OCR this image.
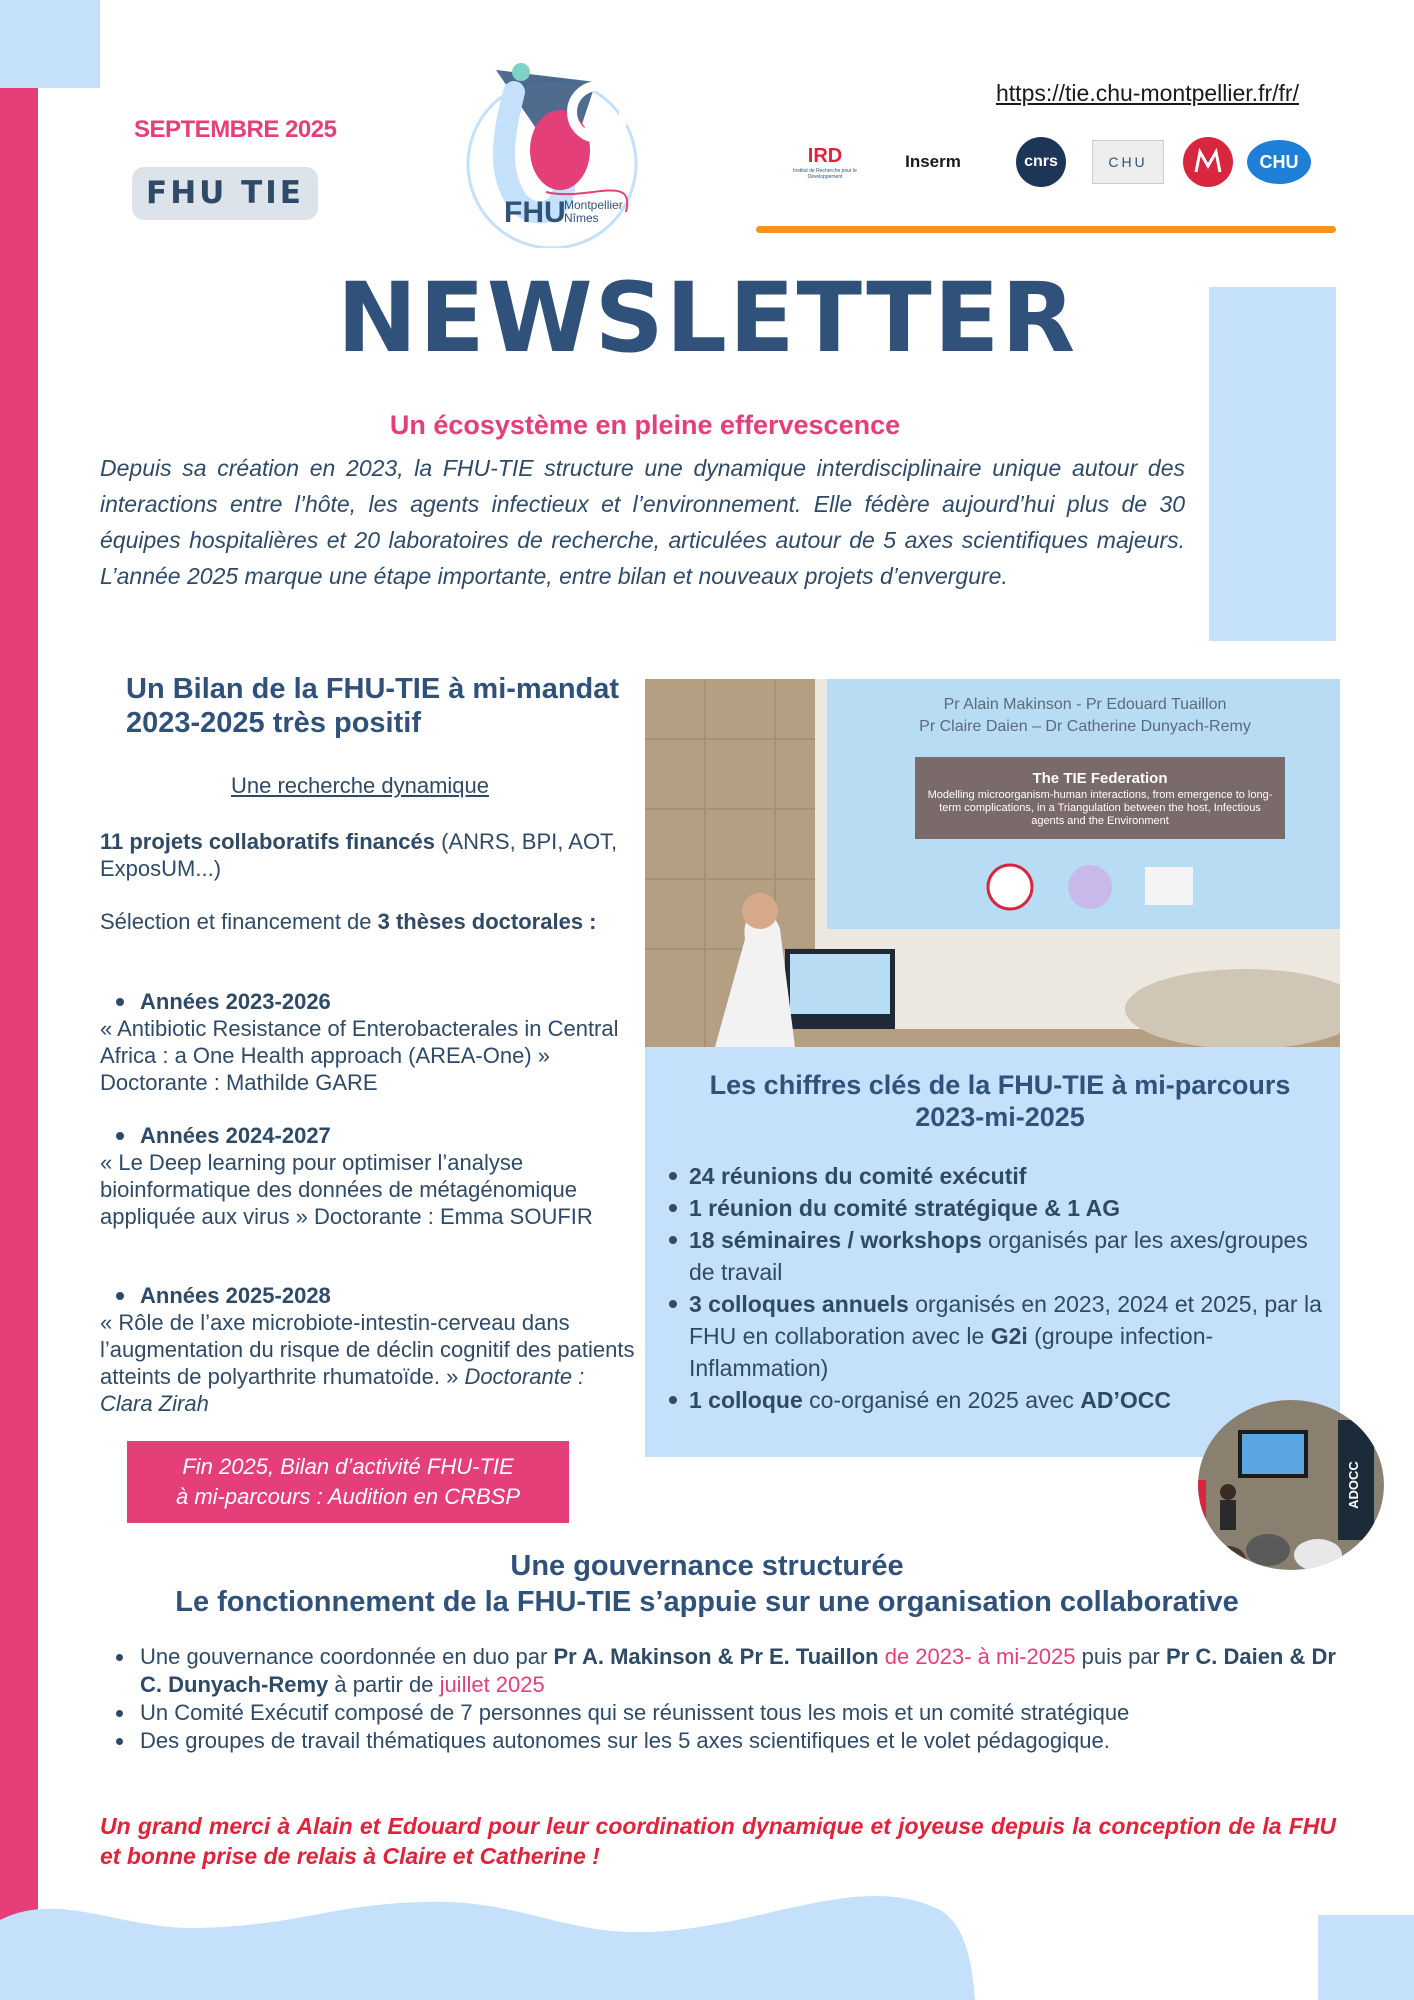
SEPTEMBRE 2025
FHU TIE
FHU
Montpellier
Nîmes
https://tie.chu-montpellier.fr/fr/
IRD
Institut de Recherche pour le Développement
Inserm	cnrs	CHU	CHU
NEWSLETTER
Un écosystème en pleine effervescence
Depuis sa création en 2023, la FHU-TIE structure une dynamique interdisciplinaire unique autour des interactions entre l’hôte, les agents infectieux et l’environnement. Elle fédère aujourd’hui plus de 30 équipes hospitalières et 20 laboratoires de recherche, articulées autour de 5 axes scientifiques majeurs. L’année 2025 marque une étape importante, entre bilan et nouveaux projets d’envergure.
Un Bilan de la FHU-TIE à mi-mandat 2023-2025 très positif
Une recherche dynamique
11 projets collaboratifs financés (ANRS, BPI, AOT, ExposUM...)
Sélection et financement de 3 thèses doctorales :
Années 2023-2026
« Antibiotic Resistance of Enterobacterales in Central Africa : a One Health approach (AREA-One) » Doctorante : Mathilde GARE
Années 2024-2027
« Le Deep learning pour optimiser l’analyse bioinformatique des données de métagénomique appliquée aux virus » Doctorante : Emma SOUFIR
Années 2025-2028
« Rôle de l’axe microbiote-intestin-cerveau dans l’augmentation du risque de déclin cognitif des patients atteints de polyarthrite rhumatoïde. » Doctorante : Clara Zirah
Fin 2025, Bilan d’activité FHU-TIE
à mi-parcours : Audition en CRBSP
Pr Alain Makinson - Pr Edouard Tuaillon
Pr Claire Daien – Dr Catherine Dunyach-Remy
The TIE Federation
Modelling microorganism-human interactions, from emergence to long-term complications, in a Triangulation between the host, Infectious agents and the Environment
Les chiffres clés de la FHU-TIE à mi-parcours 2023-mi-2025
24 réunions du comité exécutif
1 réunion du comité stratégique & 1 AG
18 séminaires / workshops organisés par les axes/groupes de travail
3 colloques annuels organisés en 2023, 2024 et 2025, par la FHU en collaboration avec le G2i (groupe infection-Inflammation)
1 colloque co-organisé en 2025 avec AD’OCC
ADOCC
Une gouvernance structurée
Le fonctionnement de la FHU-TIE s’appuie sur une organisation collaborative
Une gouvernance coordonnée en duo par Pr A. Makinson & Pr E. Tuaillon de 2023- à mi-2025 puis par Pr C. Daien & Dr C. Dunyach-Remy à partir de juillet 2025
Un Comité Exécutif composé de 7 personnes qui se réunissent tous les mois et un comité stratégique
Des groupes de travail thématiques autonomes sur les 5 axes scientifiques et le volet pédagogique.
Un grand merci à Alain et Edouard pour leur coordination dynamique et joyeuse depuis la conception de la FHU et bonne prise de relais à Claire et Catherine !
